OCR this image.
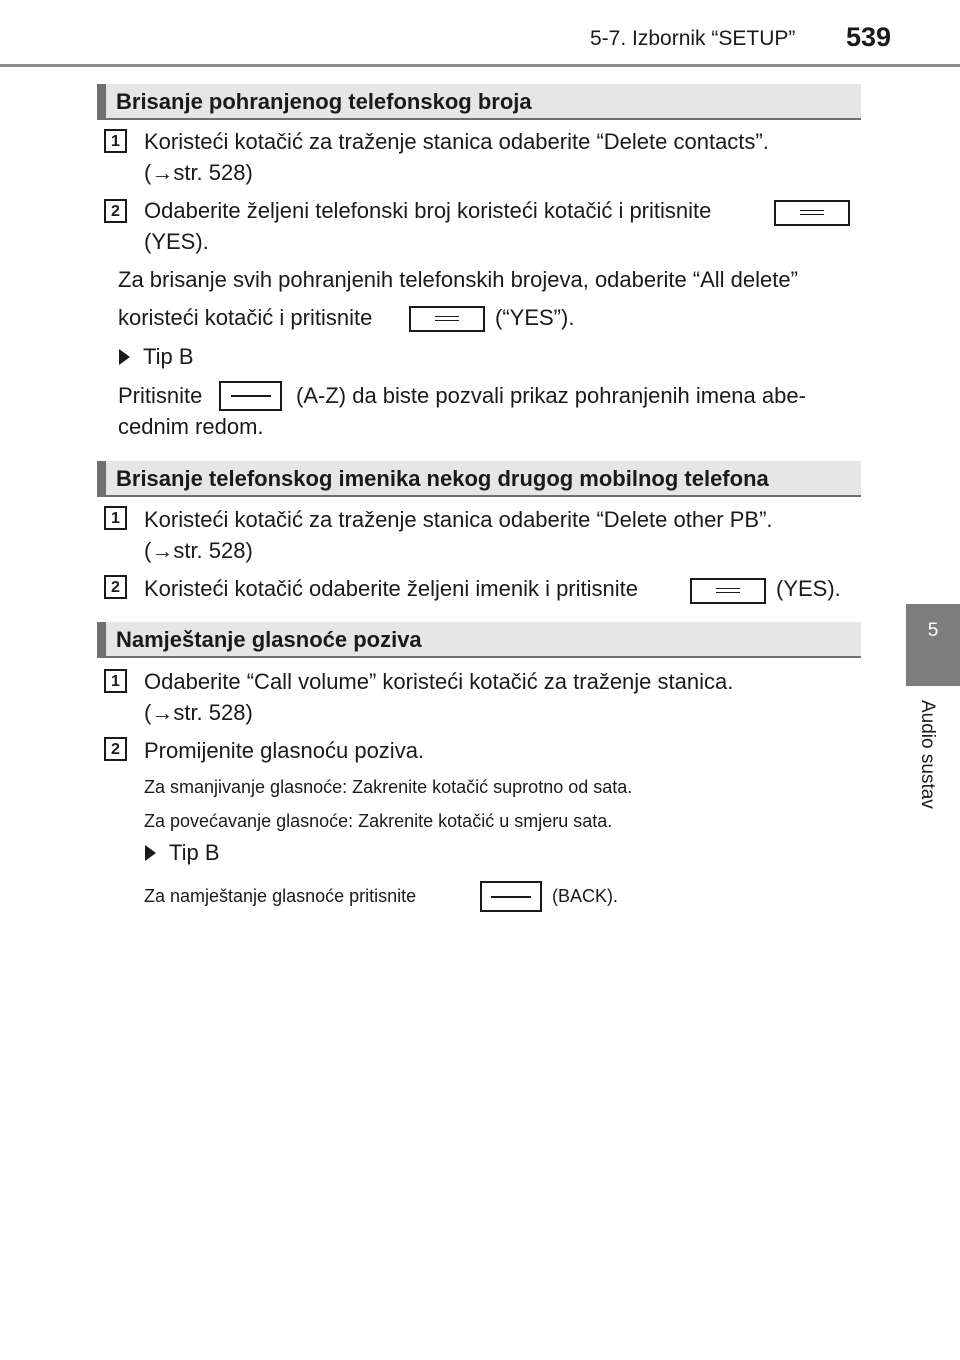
5-7. Izbornik “SETUP” 539
5
Audio sustav
Brisanje pohranjenog telefonskog broja
1	Koristeći kotačić za traženje stanica odaberite “Delete contacts”.
(→str. 528)
2	Odaberite željeni telefonski broj koristeći kotačić i pritisnite
(YES).
Za brisanje svih pohranjenih telefonskih brojeva, odaberite “All delete”
koristeći kotačić i pritisnite	(“YES”).
Tip B
Pritisnite	(A-Z) da biste pozvali prikaz pohranjenih imena abe-
cednim redom.
Brisanje telefonskog imenika nekog drugog mobilnog telefona
1	Koristeći kotačić za traženje stanica odaberite “Delete other PB”.
(→str. 528)
2	Koristeći kotačić odaberite željeni imenik i pritisnite	(YES).
Namještanje glasnoće poziva
1	Odaberite “Call volume” koristeći kotačić za traženje stanica.
(→str. 528)
2	Promijenite glasnoću poziva.
Za smanjivanje glasnoće: Zakrenite kotačić suprotno od sata.
Za povećavanje glasnoće: Zakrenite kotačić u smjeru sata.
Tip B
Za namještanje glasnoće pritisnite	(BACK).
